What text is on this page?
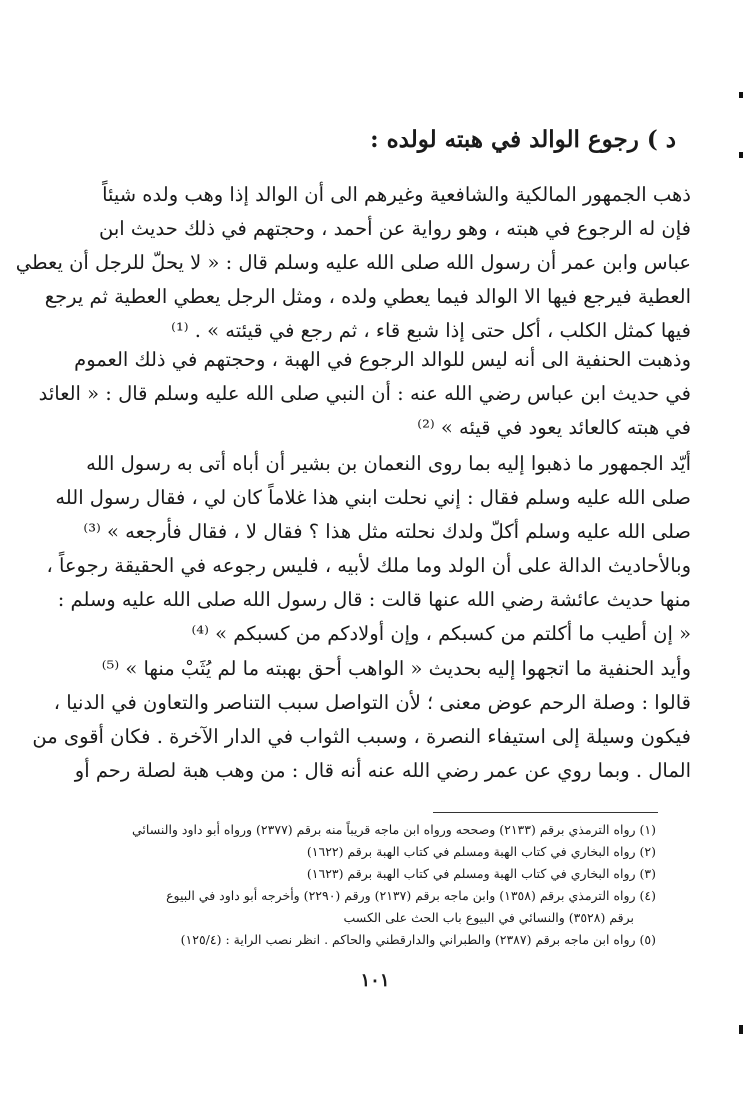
د ) رجوع الوالد في هبته لولده :
ذهب الجمهور المالكية والشافعية وغيرهم الى أن الوالد إذا وهب ولده شيئاً
فإن له الرجوع في هبته ، وهو رواية عن أحمد ، وحجتهم في ذلك حديث ابن
عباس وابن عمر أن رسول الله صلى الله عليه وسلم قال : « لا يحلّ للرجل أن يعطي
العطية فيرجع فيها الا الوالد فيما يعطي ولده ، ومثل الرجل يعطي العطية ثم يرجع
فيها كمثل الكلب ، أكل حتى إذا شبع قاء ، ثم رجع في قيئته » . ⁽¹⁾
وذهبت الحنفية الى أنه ليس للوالد الرجوع في الهبة ، وحجتهم في ذلك العموم
في حديث ابن عباس رضي الله عنه : أن النبي صلى الله عليه وسلم قال : « العائد
في هبته كالعائد يعود في قيئه » ⁽²⁾
أيّد الجمهور ما ذهبوا إليه بما روى النعمان بن بشير أن أباه أتى به رسول الله
صلى الله عليه وسلم فقال : إني نحلت ابني هذا غلاماً كان لي ، فقال رسول الله
صلى الله عليه وسلم أكلّ ولدك نحلته مثل هذا ؟ فقال لا ، فقال فأرجعه » ⁽³⁾
وبالأحاديث الدالة على أن الولد وما ملك لأبيه ، فليس رجوعه في الحقيقة رجوعاً ،
منها حديث عائشة رضي الله عنها قالت : قال رسول الله صلى الله عليه وسلم :
« إن أطيب ما أكلتم من كسبكم ، وإن أولادكم من كسبكم » ⁽⁴⁾
وأيد الحنفية ما اتجهوا إليه بحديث « الواهب أحق بهبته ما لم يُثَبْ منها » ⁽⁵⁾
قالوا : وصلة الرحم عوض معنى ؛ لأن التواصل سبب التناصر والتعاون في الدنيا ،
فيكون وسيلة إلى استيفاء النصرة ، وسبب الثواب في الدار الآخرة . فكان أقوى من
المال . وبما روي عن عمر رضي الله عنه أنه قال : من وهب هبة لصلة رحم أو
(١) رواه الترمذي برقم (٢١٣٣) وصححه ورواه ابن ماجه قريباً منه برقم (٢٣٧٧) ورواه أبو داود والنسائي
(٢) رواه البخاري في كتاب الهبة ومسلم في كتاب الهبة برقم (١٦٢٢)
(٣) رواه البخاري في كتاب الهبة ومسلم في كتاب الهبة برقم (١٦٢٣)
(٤) رواه الترمذي برقم (١٣٥٨) وابن ماجه برقم (٢١٣٧) ورقم (٢٢٩٠) وأخرجه أبو داود في البيوع
برقم (٣٥٢٨) والنسائي في البيوع باب الحث على الكسب
(٥) رواه ابن ماجه برقم (٢٣٨٧) والطبراني والدارقطني والحاكم . انظر نصب الراية : (١٢٥/٤)
١٠١
